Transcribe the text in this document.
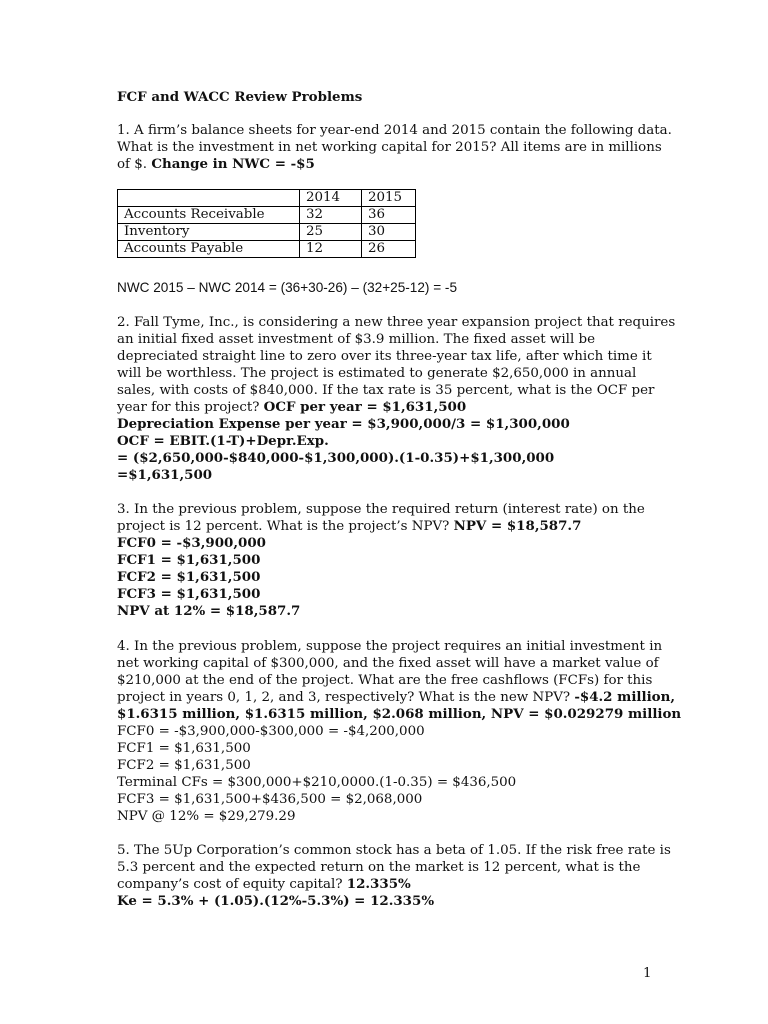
FCF and WACC Review Problems
1. A firm’s balance sheets for year-end 2014 and 2015 contain the following data.
What is the investment in net working capital for 2015? All items are in millions
of $. Change in NWC = -$5
	2014	2015
Accounts Receivable	32	36
Inventory	25	30
Accounts Payable	12	26
NWC 2015 – NWC 2014 = (36+30-26) – (32+25-12) = -5
2. Fall Tyme, Inc., is considering a new three year expansion project that requires
an initial fixed asset investment of $3.9 million. The fixed asset will be
depreciated straight line to zero over its three-year tax life, after which time it
will be worthless. The project is estimated to generate $2,650,000 in annual
sales, with costs of $840,000. If the tax rate is 35 percent, what is the OCF per
year for this project? OCF per year = $1,631,500
Depreciation Expense per year = $3,900,000/3 = $1,300,000
OCF = EBIT.(1-T)+Depr.Exp.
= ($2,650,000-$840,000-$1,300,000).(1-0.35)+$1,300,000
=$1,631,500
3. In the previous problem, suppose the required return (interest rate) on the
project is 12 percent. What is the project’s NPV? NPV = $18,587.7
FCF0 = -$3,900,000
FCF1 = $1,631,500
FCF2 = $1,631,500
FCF3 = $1,631,500
NPV at 12% = $18,587.7
4. In the previous problem, suppose the project requires an initial investment in
net working capital of $300,000, and the fixed asset will have a market value of
$210,000 at the end of the project. What are the free cashflows (FCFs) for this
project in years 0, 1, 2, and 3, respectively? What is the new NPV? -$4.2 million,
$1.6315 million, $1.6315 million, $2.068 million, NPV = $0.029279 million
FCF0 = -$3,900,000-$300,000 = -$4,200,000
FCF1 = $1,631,500
FCF2 = $1,631,500
Terminal CFs = $300,000+$210,0000.(1-0.35) = $436,500
FCF3 = $1,631,500+$436,500 = $2,068,000
NPV @ 12% = $29,279.29
5. The 5Up Corporation’s common stock has a beta of 1.05. If the risk free rate is
5.3 percent and the expected return on the market is 12 percent, what is the
company’s cost of equity capital? 12.335%
Ke = 5.3% + (1.05).(12%-5.3%) = 12.335%
1
